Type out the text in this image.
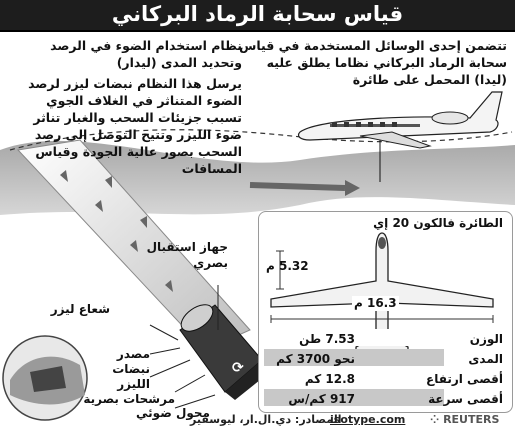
⟳
قياس سحابة الرماد البركاني
تتضمن إحدى الوسائل المستخدمة في قياس
سحابة الرماد البركاني نظاما يطلق عليه
(ليدا) المحمل على طائرة
نظام استخدام الضوء في الرصد
وتحديد المدى (ليدار)
يرسل هذا النظام نبضات ليزر لرصد
الضوء المتناثر في الغلاف الجوي
تسبب جزيئات السحب والغبار تناثر
ضوء الليزر وتتيح التوصل إلى رصد
السحب بصور عالية الجودة وقياس
المسافات
جهاز استقبال
بصري
شعاع ليزر
مصدر
نبضات
الليزر
مرشحات بصرية
محول ضوئي
الطائرة فالكون 20 إي
5.32 م
16.3 م
الوزن
7.53 طن
المدى
نحو 3700 كم
أقصى ارتفاع
12.8 كم
أقصى سرعة
917 كم/س
المصادر: دي.ال.ار، ليوسفير
isotype.com ⁘ REUTERS
